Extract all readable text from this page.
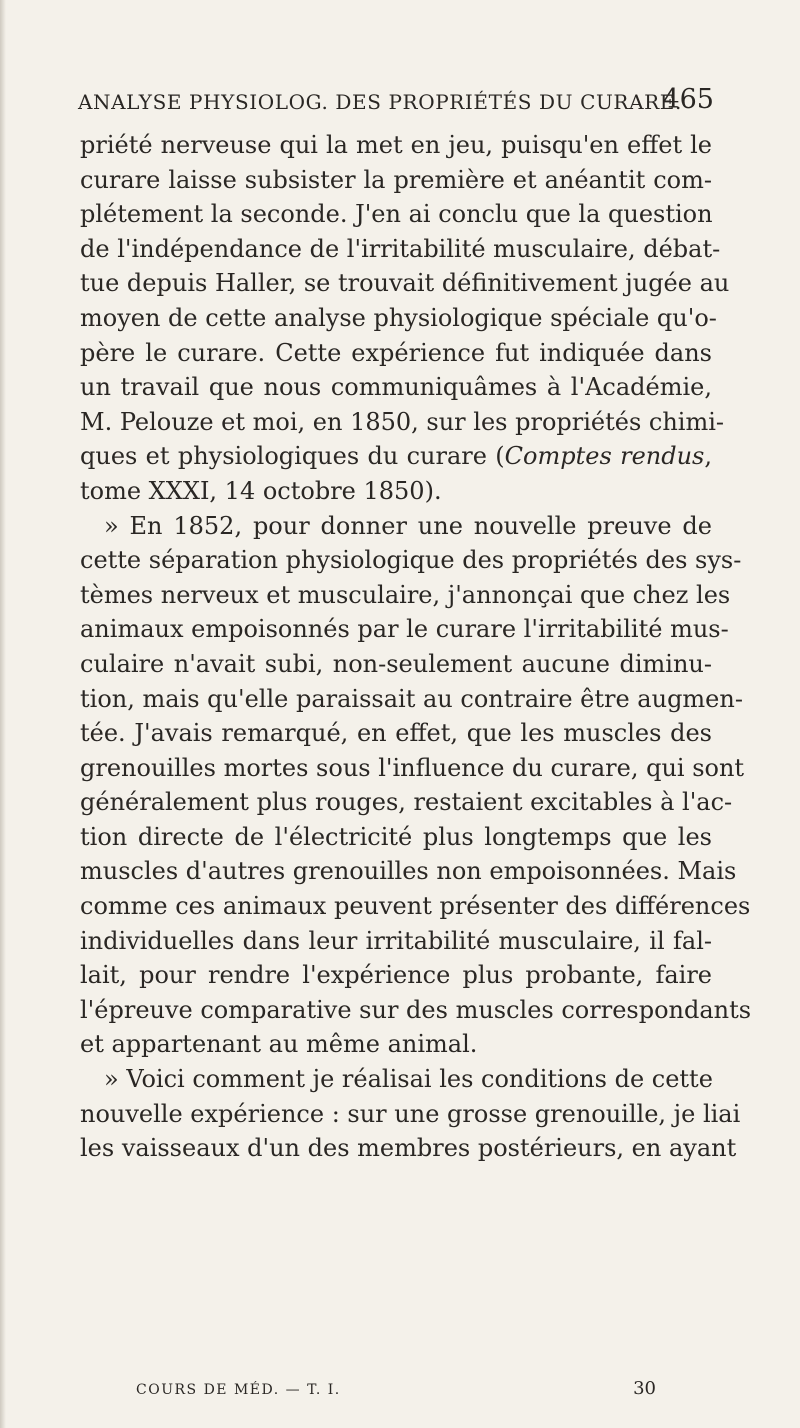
ANALYSE PHYSIOLOG. DES PROPRIÉTÉS DU CURARE.
465
priété nerveuse qui la met en jeu, puisqu'en effet le
curare laisse subsister la première et anéantit com-
plétement la seconde. J'en ai conclu que la question
de l'indépendance de l'irritabilité musculaire, débat-
tue depuis Haller, se trouvait définitivement jugée au
moyen de cette analyse physiologique spéciale qu'o-
père le curare. Cette expérience fut indiquée dans
un travail que nous communiquâmes à l'Académie,
M. Pelouze et moi, en 1850, sur les propriétés chimi-
ques et physiologiques du curare (Comptes rendus,
tome XXXI, 14 octobre 1850).
» En 1852, pour donner une nouvelle preuve de
cette séparation physiologique des propriétés des sys-
tèmes nerveux et musculaire, j'annonçai que chez les
animaux empoisonnés par le curare l'irritabilité mus-
culaire n'avait subi, non-seulement aucune diminu-
tion, mais qu'elle paraissait au contraire être augmen-
tée. J'avais remarqué, en effet, que les muscles des
grenouilles mortes sous l'influence du curare, qui sont
généralement plus rouges, restaient excitables à l'ac-
tion directe de l'électricité plus longtemps que les
muscles d'autres grenouilles non empoisonnées. Mais
comme ces animaux peuvent présenter des différences
individuelles dans leur irritabilité musculaire, il fal-
lait, pour rendre l'expérience plus probante, faire
l'épreuve comparative sur des muscles correspondants
et appartenant au même animal.
» Voici comment je réalisai les conditions de cette
nouvelle expérience : sur une grosse grenouille, je liai
les vaisseaux d'un des membres postérieurs, en ayant
COURS DE MÉD. — T. I.	30
